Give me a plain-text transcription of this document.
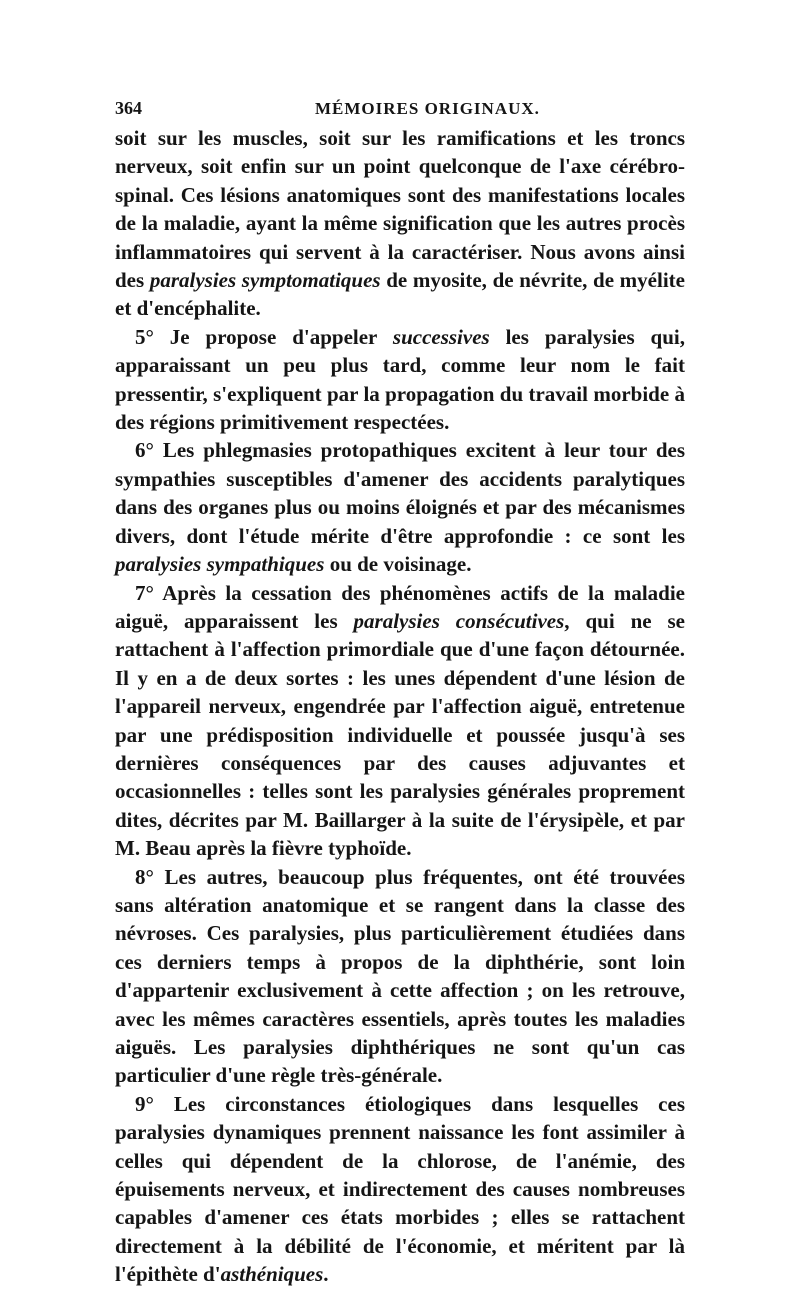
364	MÉMOIRES ORIGINAUX.

soit sur les muscles, soit sur les ramifications et les troncs nerveux, soit enfin sur un point quelconque de l'axe cérébro-spinal. Ces lésions anatomiques sont des manifestations locales de la maladie, ayant la même signification que les autres procès inflammatoires qui servent à la caractériser. Nous avons ainsi des paralysies symptomatiques de myosite, de névrite, de myélite et d'encéphalite.

5° Je propose d'appeler successives les paralysies qui, apparaissant un peu plus tard, comme leur nom le fait pressentir, s'expliquent par la propagation du travail morbide à des régions primitivement respectées.

6° Les phlegmasies protopathiques excitent à leur tour des sympathies susceptibles d'amener des accidents paralytiques dans des organes plus ou moins éloignés et par des mécanismes divers, dont l'étude mérite d'être approfondie : ce sont les paralysies sympathiques ou de voisinage.

7° Après la cessation des phénomènes actifs de la maladie aiguë, apparaissent les paralysies consécutives, qui ne se rattachent à l'affection primordiale que d'une façon détournée. Il y en a de deux sortes : les unes dépendent d'une lésion de l'appareil nerveux, engendrée par l'affection aiguë, entretenue par une prédisposition individuelle et poussée jusqu'à ses dernières conséquences par des causes adjuvantes et occasionnelles : telles sont les paralysies générales proprement dites, décrites par M. Baillarger à la suite de l'érysipèle, et par M. Beau après la fièvre typhoïde.

8° Les autres, beaucoup plus fréquentes, ont été trouvées sans altération anatomique et se rangent dans la classe des névroses. Ces paralysies, plus particulièrement étudiées dans ces derniers temps à propos de la diphthérie, sont loin d'appartenir exclusivement à cette affection ; on les retrouve, avec les mêmes caractères essentiels, après toutes les maladies aiguës. Les paralysies diphthériques ne sont qu'un cas particulier d'une règle très-générale.

9° Les circonstances étiologiques dans lesquelles ces paralysies dynamiques prennent naissance les font assimiler à celles qui dépendent de la chlorose, de l'anémie, des épuisements nerveux, et indirectement des causes nombreuses capables d'amener ces états morbides ; elles se rattachent directement à la débilité de l'économie, et méritent par là l'épithète d'asthéniques.
